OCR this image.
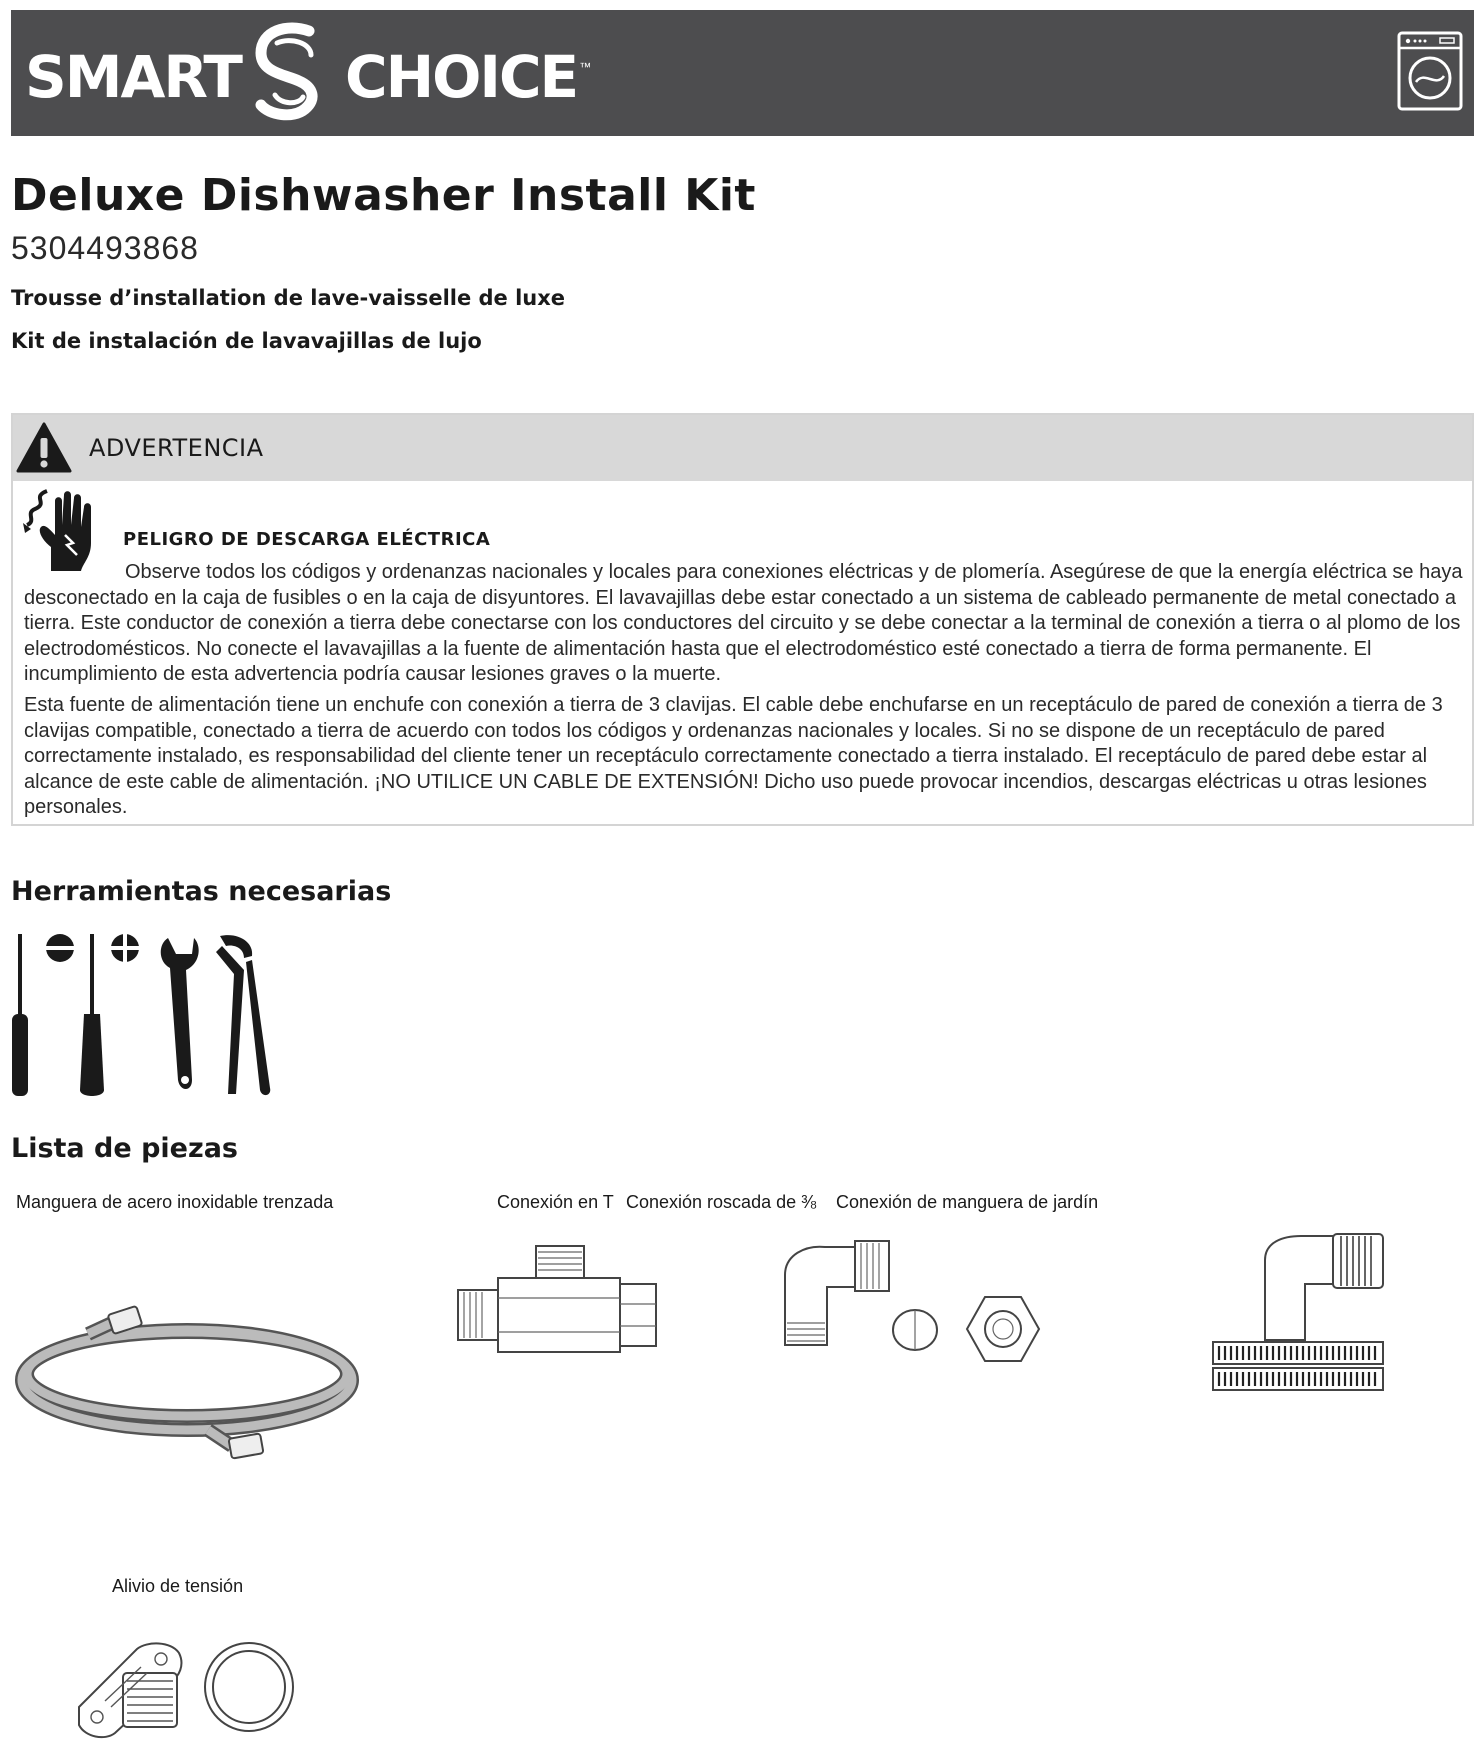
SMART CHOICE ™
Deluxe Dishwasher Install Kit
5304493868
Trousse d’installation de lave-vaisselle de luxe
Kit de instalación de lavavajillas de lujo
ADVERTENCIA
PELIGRO DE DESCARGA ELÉCTRICA

Observe todos los códigos y ordenanzas nacionales y locales para conexiones eléctricas y de plomería. Asegúrese de que la energía eléctrica se haya desconectado en la caja de fusibles o en la caja de disyuntores. El lavavajillas debe estar conectado a un sistema de cableado permanente de metal conectado a tierra. Este conductor de conexión a tierra debe conectarse con los conductores del circuito y se debe conectar a la terminal de conexión a tierra o al plomo de los electrodomésticos. No conecte el lavavajillas a la fuente de alimentación hasta que el electrodoméstico esté conectado a tierra de forma permanente. El incumplimiento de esta advertencia podría causar lesiones graves o la muerte.

Esta fuente de alimentación tiene un enchufe con conexión a tierra de 3 clavijas. El cable debe enchufarse en un receptáculo de pared de conexión a tierra de 3 clavijas compatible, conectado a tierra de acuerdo con todos los códigos y ordenanzas nacionales y locales. Si no se dispone de un receptáculo de pared correctamente instalado, es responsabilidad del cliente tener un receptáculo correctamente conectado a tierra instalado. El receptáculo de pared debe estar al alcance de este cable de alimentación. ¡NO UTILICE UN CABLE DE EXTENSIÓN! Dicho uso puede provocar incendios, descargas eléctricas u otras lesiones personales.

Herramientas necesarias
Lista de piezas
Manguera de acero inoxidable trenzada	Conexión en T Conexión roscada de ⅜ Conexión de manguera de jardín
Alivio de tensión
